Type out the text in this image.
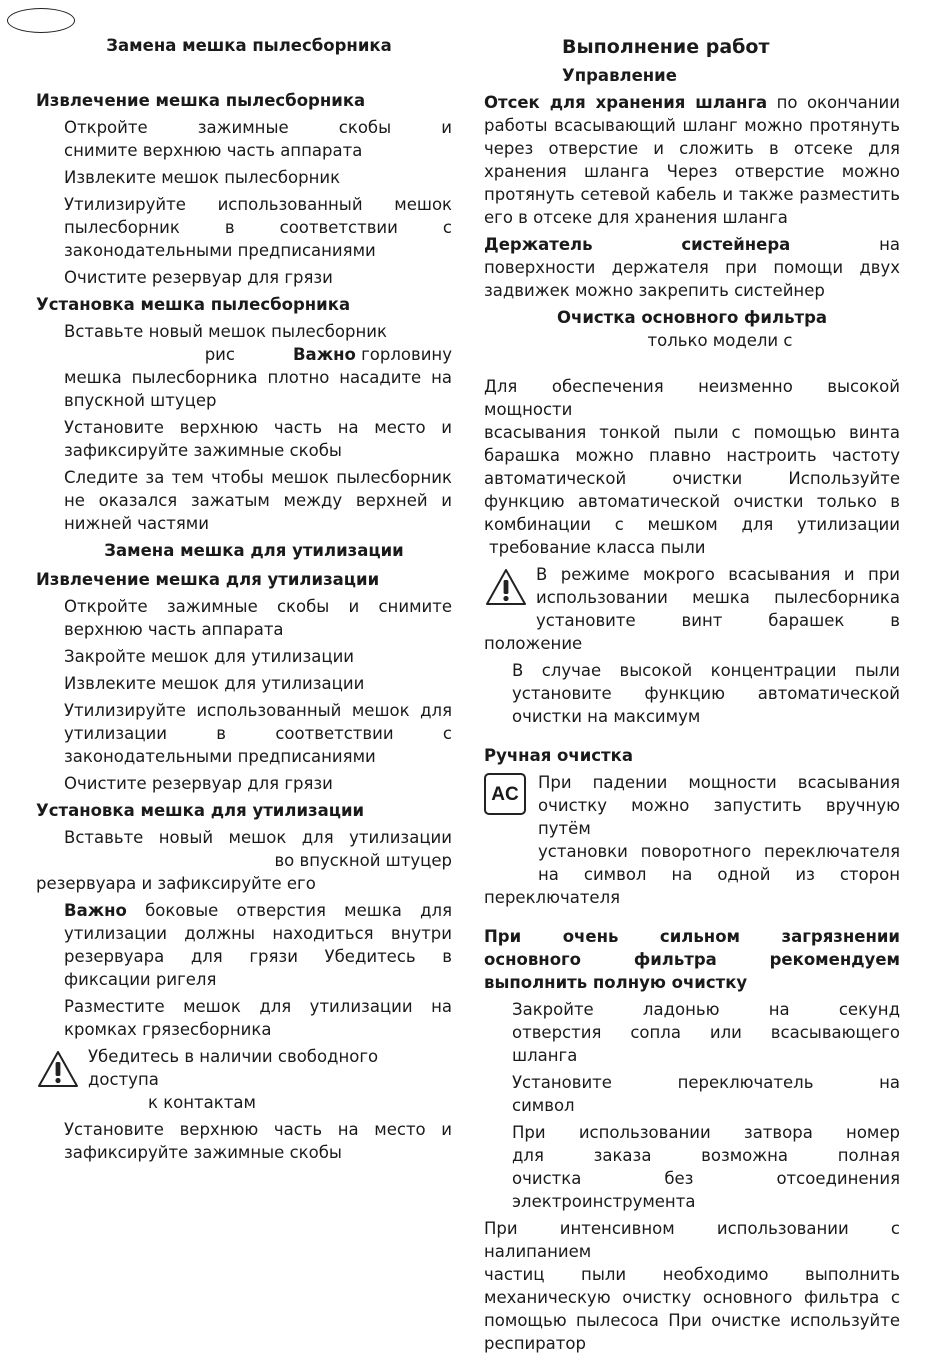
Замена мешка пылесборника
Извлечение мешка пылесборника
Откройте зажимные скобы и
снимите верхнюю часть аппарата
Извлеките мешок пылесборник
Утилизируйте использованный мешок
пылесборник в соответствии с
законодательными предписаниями
Очистите резервуар для грязи
Установка мешка пылесборника
Вставьте новый мешок пылесборник
рис	Важно горловину
мешка пылесборника плотно насадите на
впускной штуцер
Установите верхнюю часть на место и
зафиксируйте зажимные скобы
Следите за тем чтобы мешок пылесборник
не оказался зажатым между верхней и
нижней частями
Замена мешка для утилизации
Извлечение мешка для утилизации
Откройте зажимные скобы и снимите
верхнюю часть аппарата
Закройте мешок для утилизации
Извлеките мешок для утилизации
Утилизируйте использованный мешок для
утилизации в соответствии с
законодательными предписаниями
Очистите резервуар для грязи
Установка мешка для утилизации
Вставьте новый мешок для утилизации
во впускной штуцер
резервуара и зафиксируйте его
Важно боковые отверстия мешка для
утилизации должны находиться внутри
резервуара для грязи Убедитесь в
фиксации ригеля
Разместите мешок для утилизации на
кромках грязесборника
Убедитесь в наличии свободного доступа
к контактам
Установите верхнюю часть на место и
зафиксируйте зажимные скобы
Выполнение работ
Управление
Отсек для хранения шланга по окончании
работы всасывающий шланг можно протянуть
через отверстие и сложить в отсеке для
хранения шланга Через отверстие можно
протянуть сетевой кабель и также разместить
его в отсеке для хранения шланга
Держатель	систейнера	на
поверхности держателя при помощи двух
задвижек можно закрепить систейнер
Очистка основного фильтра
только модели с
Для обеспечения неизменно высокой мощности
всасывания тонкой пыли с помощью винта
барашка можно плавно настроить частоту
автоматической очистки Используйте
функцию автоматической очистки только в
комбинации с мешком для утилизации
требование класса пыли
В режиме мокрого всасывания и при
использовании мешка пылесборника
установите винт барашек в
положение
В случае высокой концентрации пыли
установите функцию автоматической
очистки на максимум
Ручная очистка
AC
При падении мощности всасывания
очистку можно запустить вручную путём
установки поворотного переключателя
на символ на одной из сторон
переключателя
При очень сильном загрязнении
основного фильтра рекомендуем
выполнить полную очистку
Закройте ладонью на секунд
отверстия сопла или всасывающего
шланга
Установите переключатель на
символ
При использовании затвора номер
для заказа возможна полная
очистка без отсоединения
электроинструмента
При интенсивном использовании с налипанием
частиц пыли необходимо выполнить
механическую очистку основного фильтра с
помощью пылесоса При очистке используйте
респиратор
